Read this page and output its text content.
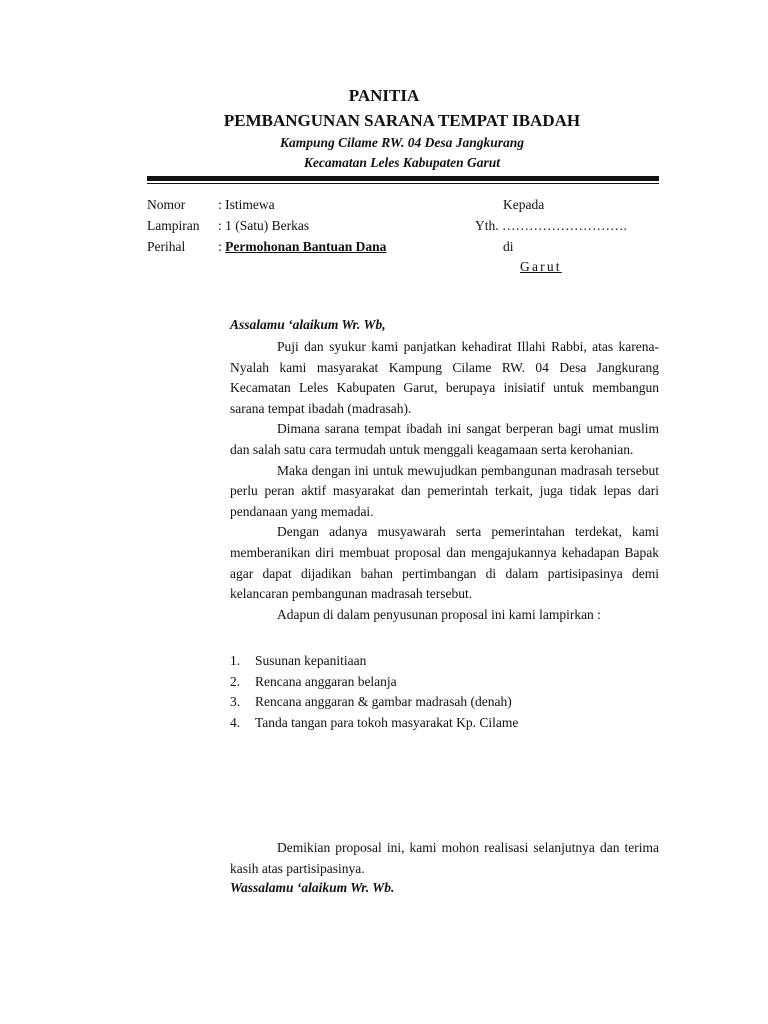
PANITIA
PEMBANGUNAN SARANA TEMPAT IBADAH
Kampung Cilame RW. 04 Desa Jangkurang
Kecamatan Leles Kabupaten Garut
Nomor : Istimewa
Lampiran : 1 (Satu) Berkas
Perihal : Permohonan Bantuan Dana
Kepada
Yth. ……………………….
di
Garut
Assalamu ‘alaikum Wr. Wb,

Puji dan syukur kami panjatkan kehadirat Illahi Rabbi, atas karena-Nyalah kami masyarakat Kampung Cilame RW. 04 Desa Jangkurang Kecamatan Leles Kabupaten Garut, berupaya inisiatif untuk membangun sarana tempat ibadah (madrasah).

Dimana sarana tempat ibadah ini sangat berperan bagi umat muslim dan salah satu cara termudah untuk menggali keagamaan serta kerohanian.

Maka dengan ini untuk mewujudkan pembangunan madrasah tersebut perlu peran aktif masyarakat dan pemerintah terkait, juga tidak lepas dari pendanaan yang memadai.

Dengan adanya musyawarah serta pemerintahan terdekat, kami memberanikan diri membuat proposal dan mengajukannya kehadapan Bapak agar dapat dijadikan bahan pertimbangan di dalam partisipasinya demi kelancaran pembangunan madrasah tersebut.

Adapun di dalam penyusunan proposal ini kami lampirkan :

1.	Susunan kepanitiaan
2.	Rencana anggaran belanja
3.	Rencana anggaran & gambar madrasah (denah)
4.	Tanda tangan para tokoh masyarakat Kp. Cilame

Demikian proposal ini, kami mohon realisasi selanjutnya dan terima kasih atas partisipasinya.

Wassalamu ‘alaikum Wr. Wb.
